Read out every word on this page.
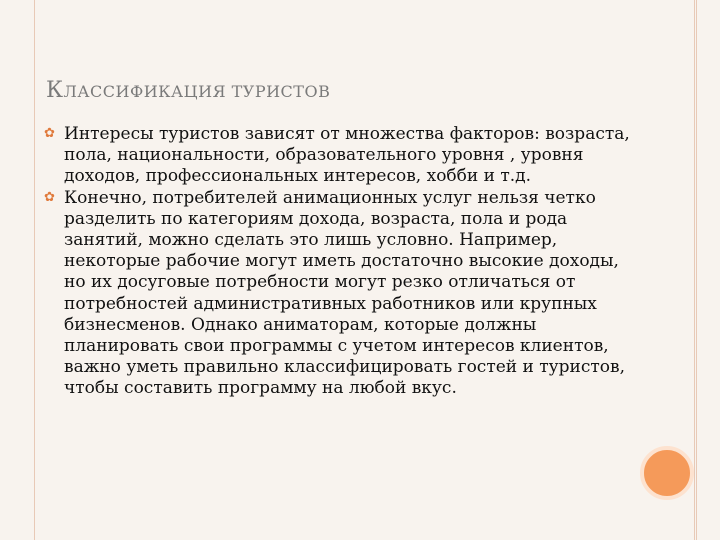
КЛАССИФИКАЦИЯ ТУРИСТОВ
✿ Интересы туристов зависят от множества факторов: возраста, пола, национальности, образовательного уровня , уровня доходов, профессиональных интересов, хобби и т.д.
✿ Конечно, потребителей анимационных услуг нельзя четко разделить по категориям дохода, возраста, пола и рода занятий, можно сделать это лишь условно. Например, некоторые рабочие могут иметь достаточно высокие доходы, но их досуговые потребности могут резко отличаться от потребностей административных работников или крупных бизнесменов. Однако аниматорам, которые должны планировать свои программы с учетом интересов клиентов, важно уметь правильно классифицировать гостей и туристов, чтобы составить программу на любой вкус.
